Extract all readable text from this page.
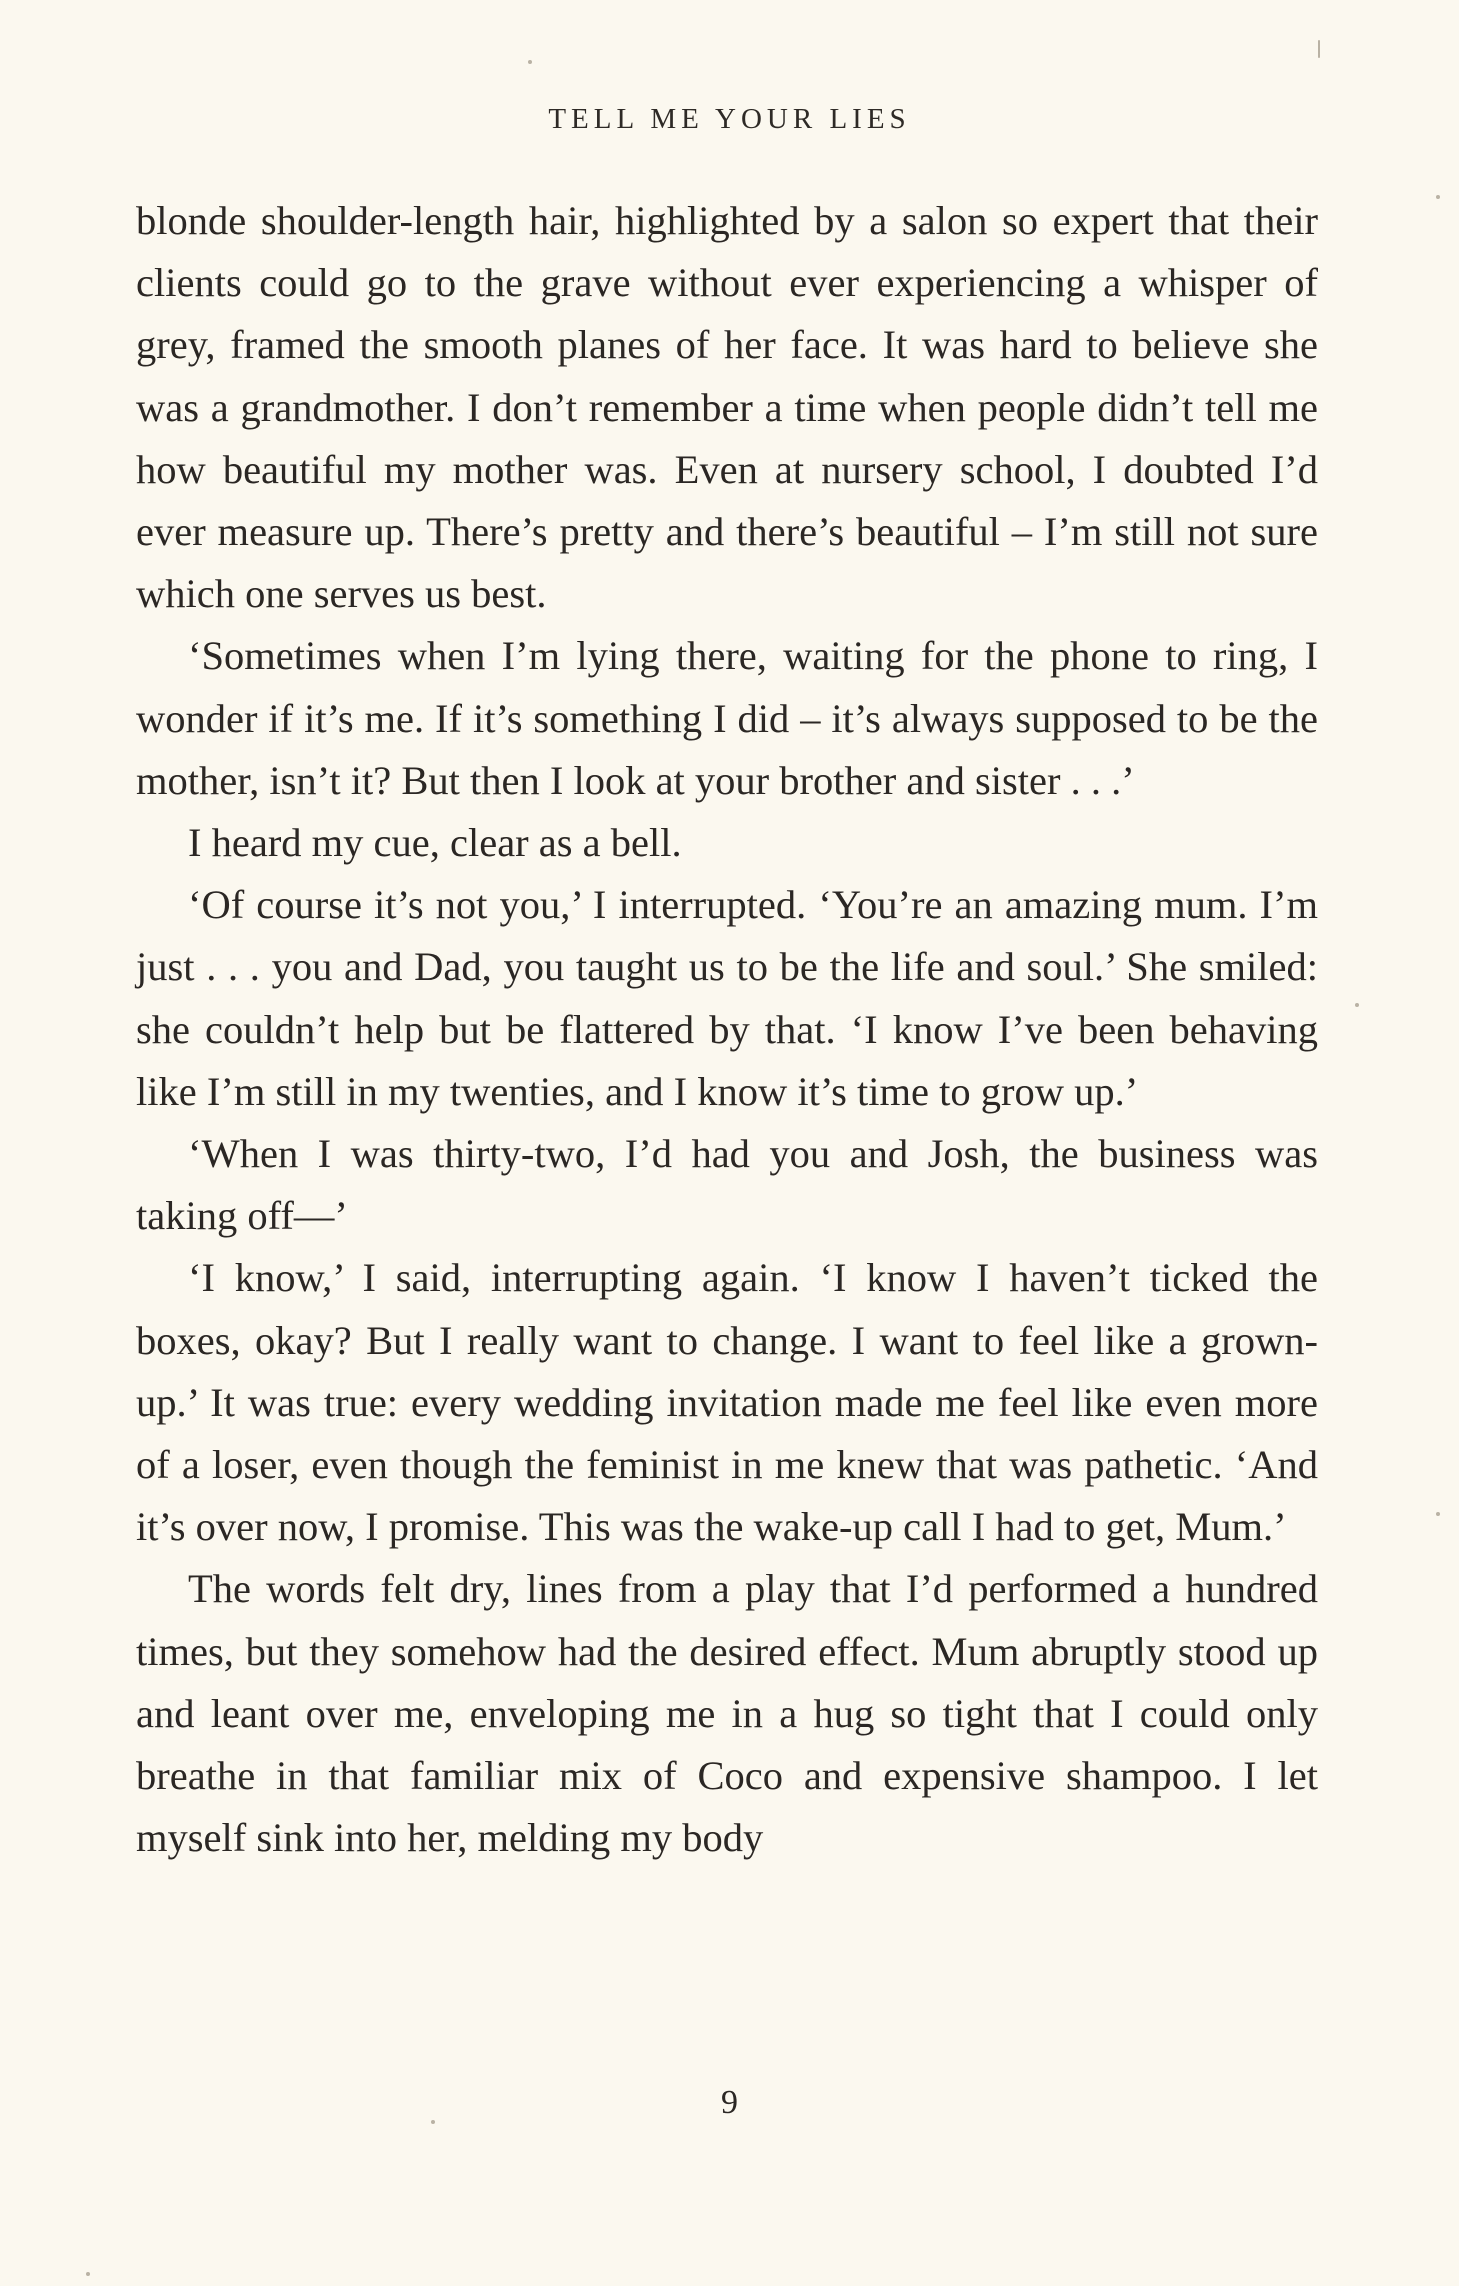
TELL ME YOUR LIES

blonde shoulder-length hair, highlighted by a salon so expert that their clients could go to the grave without ever experiencing a whisper of grey, framed the smooth planes of her face. It was hard to believe she was a grandmother. I don’t remember a time when people didn’t tell me how beautiful my mother was. Even at nursery school, I doubted I’d ever measure up. There’s pretty and there’s beautiful – I’m still not sure which one serves us best.

‘Sometimes when I’m lying there, waiting for the phone to ring, I wonder if it’s me. If it’s something I did – it’s always supposed to be the mother, isn’t it? But then I look at your brother and sister . . .’

I heard my cue, clear as a bell.

‘Of course it’s not you,’ I interrupted. ‘You’re an amazing mum. I’m just . . . you and Dad, you taught us to be the life and soul.’ She smiled: she couldn’t help but be flattered by that. ‘I know I’ve been behaving like I’m still in my twenties, and I know it’s time to grow up.’

‘When I was thirty-two, I’d had you and Josh, the business was taking off—’

‘I know,’ I said, interrupting again. ‘I know I haven’t ticked the boxes, okay? But I really want to change. I want to feel like a grown-up.’ It was true: every wedding invitation made me feel like even more of a loser, even though the feminist in me knew that was pathetic. ‘And it’s over now, I promise. This was the wake-up call I had to get, Mum.’

The words felt dry, lines from a play that I’d performed a hundred times, but they somehow had the desired effect. Mum abruptly stood up and leant over me, enveloping me in a hug so tight that I could only breathe in that familiar mix of Coco and expensive shampoo. I let myself sink into her, melding my body

9
